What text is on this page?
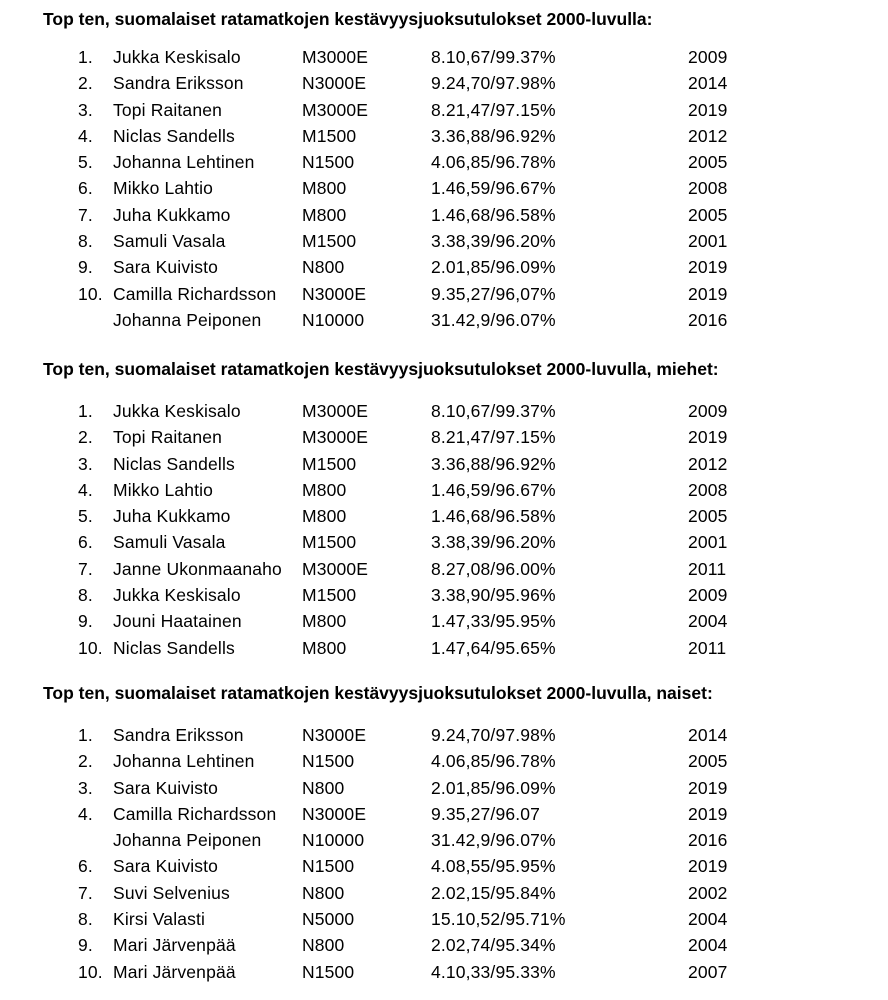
Top ten, suomalaiset ratamatkojen kestävyysjuoksutulokset 2000-luvulla:
1. Jukka Keskisalo	M3000E	8.10,67/99.37%	2009
2. Sandra Eriksson	N3000E	9.24,70/97.98%	2014
3. Topi Raitanen	M3000E	8.21,47/97.15%	2019
4. Niclas Sandells	M1500	3.36,88/96.92%	2012
5. Johanna Lehtinen	N1500	4.06,85/96.78%	2005
6. Mikko Lahtio	M800	1.46,59/96.67%	2008
7. Juha Kukkamo	M800	1.46,68/96.58%	2005
8. Samuli Vasala	M1500	3.38,39/96.20%	2001
9. Sara Kuivisto	N800	2.01,85/96.09%	2019
10. Camilla Richardsson N3000E	9.35,27/96,07%	2019
Johanna Peiponen N10000	31.42,9/96.07%	2016
Top ten, suomalaiset ratamatkojen kestävyysjuoksutulokset 2000-luvulla, miehet:
1. Jukka Keskisalo	M3000E	8.10,67/99.37%	2009
2. Topi Raitanen	M3000E	8.21,47/97.15%	2019
3. Niclas Sandells	M1500	3.36,88/96.92%	2012
4. Mikko Lahtio	M800	1.46,59/96.67%	2008
5. Juha Kukkamo	M800	1.46,68/96.58%	2005
6. Samuli Vasala	M1500	3.38,39/96.20%	2001
7. Janne Ukonmaanaho M3000E	8.27,08/96.00%	2011
8. Jukka Keskisalo	M1500	3.38,90/95.96%	2009
9. Jouni Haatainen	M800	1.47,33/95.95%	2004
10. Niclas Sandells	M800	1.47,64/95.65%	2011
Top ten, suomalaiset ratamatkojen kestävyysjuoksutulokset 2000-luvulla, naiset:
1. Sandra Eriksson	N3000E	9.24,70/97.98%	2014
2. Johanna Lehtinen	N1500	4.06,85/96.78%	2005
3. Sara Kuivisto	N800	2.01,85/96.09%	2019
4. Camilla Richardsson N3000E	9.35,27/96.07	2019
Johanna Peiponen N10000	31.42,9/96.07%	2016
6. Sara Kuivisto	N1500	4.08,55/95.95%	2019
7. Suvi Selvenius	N800	2.02,15/95.84%	2002
8. Kirsi Valasti	N5000	15.10,52/95.71%	2004
9. Mari Järvenpää	N800	2.02,74/95.34%	2004
10. Mari Järvenpää	N1500	4.10,33/95.33%	2007
